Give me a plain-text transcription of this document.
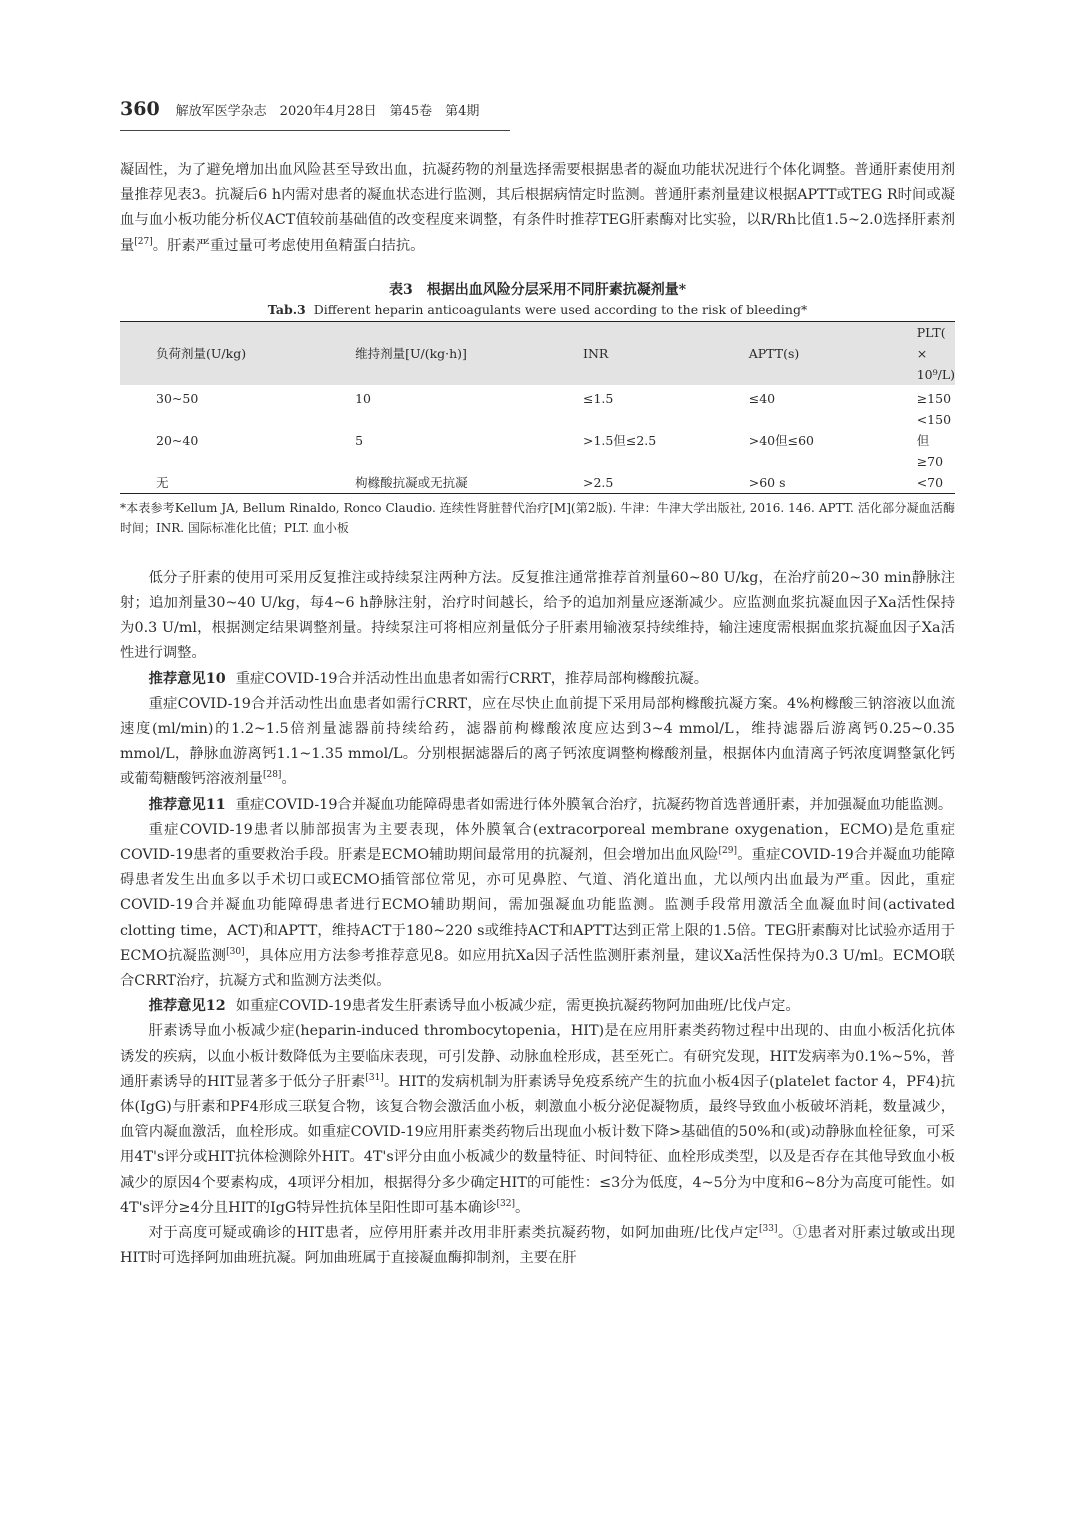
360 解放军医学杂志　2020年4月28日　第45卷　第4期

凝固性，为了避免增加出血风险甚至导致出血，抗凝药物的剂量选择需要根据患者的凝血功能状况进行个体化调整。普通肝素使用剂量推荐见表3。抗凝后6 h内需对患者的凝血状态进行监测，其后根据病情定时监测。普通肝素剂量建议根据APTT或TEG R时间或凝血与血小板功能分析仪ACT值较前基础值的改变程度来调整，有条件时推荐TEG肝素酶对比实验，以R/Rh比值1.5~2.0选择肝素剂量[27]。肝素严重过量可考虑使用鱼精蛋白拮抗。

表3　根据出血风险分层采用不同肝素抗凝剂量*
Tab.3 Different heparin anticoagulants were used according to the risk of bleeding*
负荷剂量(U/kg)	维持剂量[U/(kg·h)]	INR	APTT(s)	PLT( × 10⁹/L)
30~50	10	≤1.5	≤40	≥150
20~40	5	>1.5但≤2.5	>40但≤60	<150但≥70
无	枸橼酸抗凝或无抗凝	>2.5	>60 s	<70
*本表参考Kellum JA, Bellum Rinaldo, Ronco Claudio. 连续性肾脏替代治疗[M](第2版). 牛津：牛津大学出版社, 2016. 146. APTT. 活化部分凝血活酶时间；INR. 国际标准化比值；PLT. 血小板

低分子肝素的使用可采用反复推注或持续泵注两种方法。反复推注通常推荐首剂量60~80 U/kg，在治疗前20~30 min静脉注射；追加剂量30~40 U/kg，每4~6 h静脉注射，治疗时间越长，给予的追加剂量应逐渐减少。应监测血浆抗凝血因子Xa活性保持为0.3 U/ml，根据测定结果调整剂量。持续泵注可将相应剂量低分子肝素用输液泵持续维持，输注速度需根据血浆抗凝血因子Xa活性进行调整。

推荐意见10 重症COVID-19合并活动性出血患者如需行CRRT，推荐局部枸橼酸抗凝。

重症COVID-19合并活动性出血患者如需行CRRT，应在尽快止血前提下采用局部枸橼酸抗凝方案。4%枸橼酸三钠溶液以血流速度(ml/min)的1.2~1.5倍剂量滤器前持续给药，滤器前枸橼酸浓度应达到3~4 mmol/L，维持滤器后游离钙0.25~0.35 mmol/L，静脉血游离钙1.1~1.35 mmol/L。分别根据滤器后的离子钙浓度调整枸橼酸剂量，根据体内血清离子钙浓度调整氯化钙或葡萄糖酸钙溶液剂量[28]。

推荐意见11 重症COVID-19合并凝血功能障碍患者如需进行体外膜氧合治疗，抗凝药物首选普通肝素，并加强凝血功能监测。

重症COVID-19患者以肺部损害为主要表现，体外膜氧合(extracorporeal membrane oxygenation，ECMO)是危重症COVID-19患者的重要救治手段。肝素是ECMO辅助期间最常用的抗凝剂，但会增加出血风险[29]。重症COVID-19合并凝血功能障碍患者发生出血多以手术切口或ECMO插管部位常见，亦可见鼻腔、气道、消化道出血，尤以颅内出血最为严重。因此，重症COVID-19合并凝血功能障碍患者进行ECMO辅助期间，需加强凝血功能监测。监测手段常用激活全血凝血时间(activated clotting time，ACT)和APTT，维持ACT于180~220 s或维持ACT和APTT达到正常上限的1.5倍。TEG肝素酶对比试验亦适用于ECMO抗凝监测[30]，具体应用方法参考推荐意见8。如应用抗Xa因子活性监测肝素剂量，建议Xa活性保持为0.3 U/ml。ECMO联合CRRT治疗，抗凝方式和监测方法类似。

推荐意见12 如重症COVID-19患者发生肝素诱导血小板减少症，需更换抗凝药物阿加曲班/比伐卢定。

肝素诱导血小板减少症(heparin-induced thrombocytopenia，HIT)是在应用肝素类药物过程中出现的、由血小板活化抗体诱发的疾病，以血小板计数降低为主要临床表现，可引发静、动脉血栓形成，甚至死亡。有研究发现，HIT发病率为0.1%~5%，普通肝素诱导的HIT显著多于低分子肝素[31]。HIT的发病机制为肝素诱导免疫系统产生的抗血小板4因子(platelet factor 4，PF4)抗体(IgG)与肝素和PF4形成三联复合物，该复合物会激活血小板，刺激血小板分泌促凝物质，最终导致血小板破坏消耗，数量减少，血管内凝血激活，血栓形成。如重症COVID-19应用肝素类药物后出现血小板计数下降>基础值的50%和(或)动静脉血栓征象，可采用4T's评分或HIT抗体检测除外HIT。4T's评分由血小板减少的数量特征、时间特征、血栓形成类型，以及是否存在其他导致血小板减少的原因4个要素构成，4项评分相加，根据得分多少确定HIT的可能性：≤3分为低度，4~5分为中度和6~8分为高度可能性。如4T's评分≥4分且HIT的IgG特异性抗体呈阳性即可基本确诊[32]。

对于高度可疑或确诊的HIT患者，应停用肝素并改用非肝素类抗凝药物，如阿加曲班/比伐卢定[33]。①患者对肝素过敏或出现HIT时可选择阿加曲班抗凝。阿加曲班属于直接凝血酶抑制剂，主要在肝
